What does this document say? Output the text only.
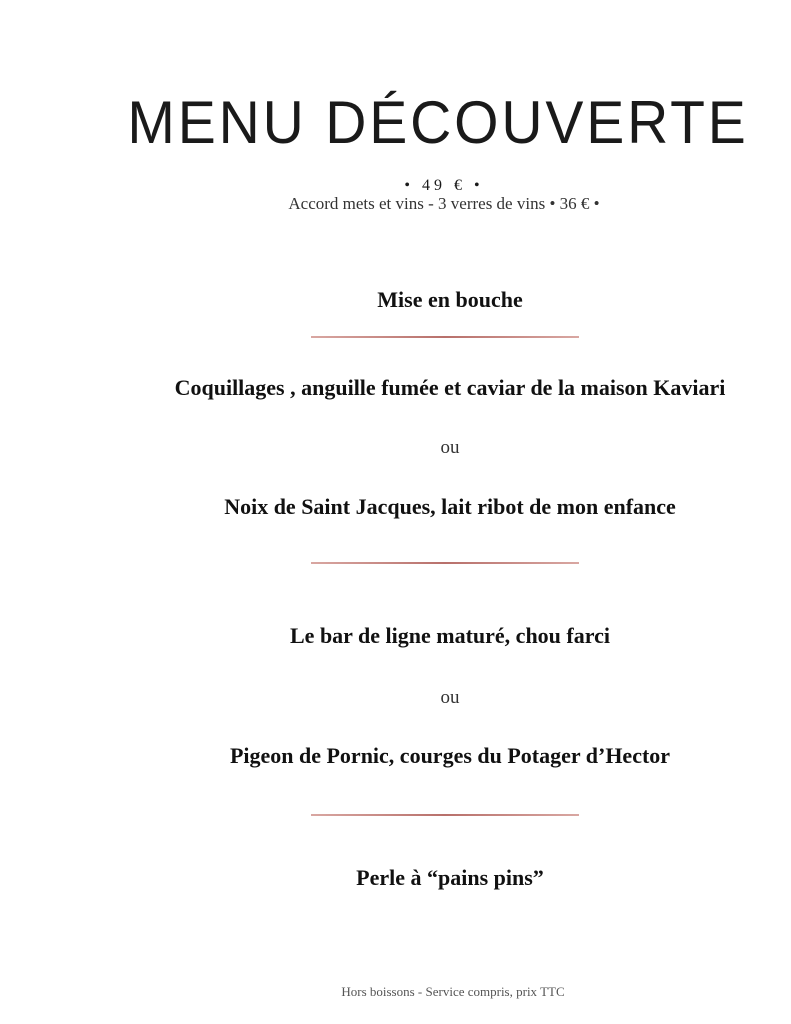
MENU DÉCOUVERTE
• 49 € •
Accord mets et vins - 3 verres de vins • 36 € •
Mise en bouche
Coquillages , anguille fumée et caviar de la maison Kaviari
ou
Noix de Saint Jacques, lait ribot de mon enfance
Le bar de ligne maturé, chou farci
ou
Pigeon de Pornic, courges du Potager d’Hector
Perle à “pains pins”
Hors boissons - Service compris, prix TTC
